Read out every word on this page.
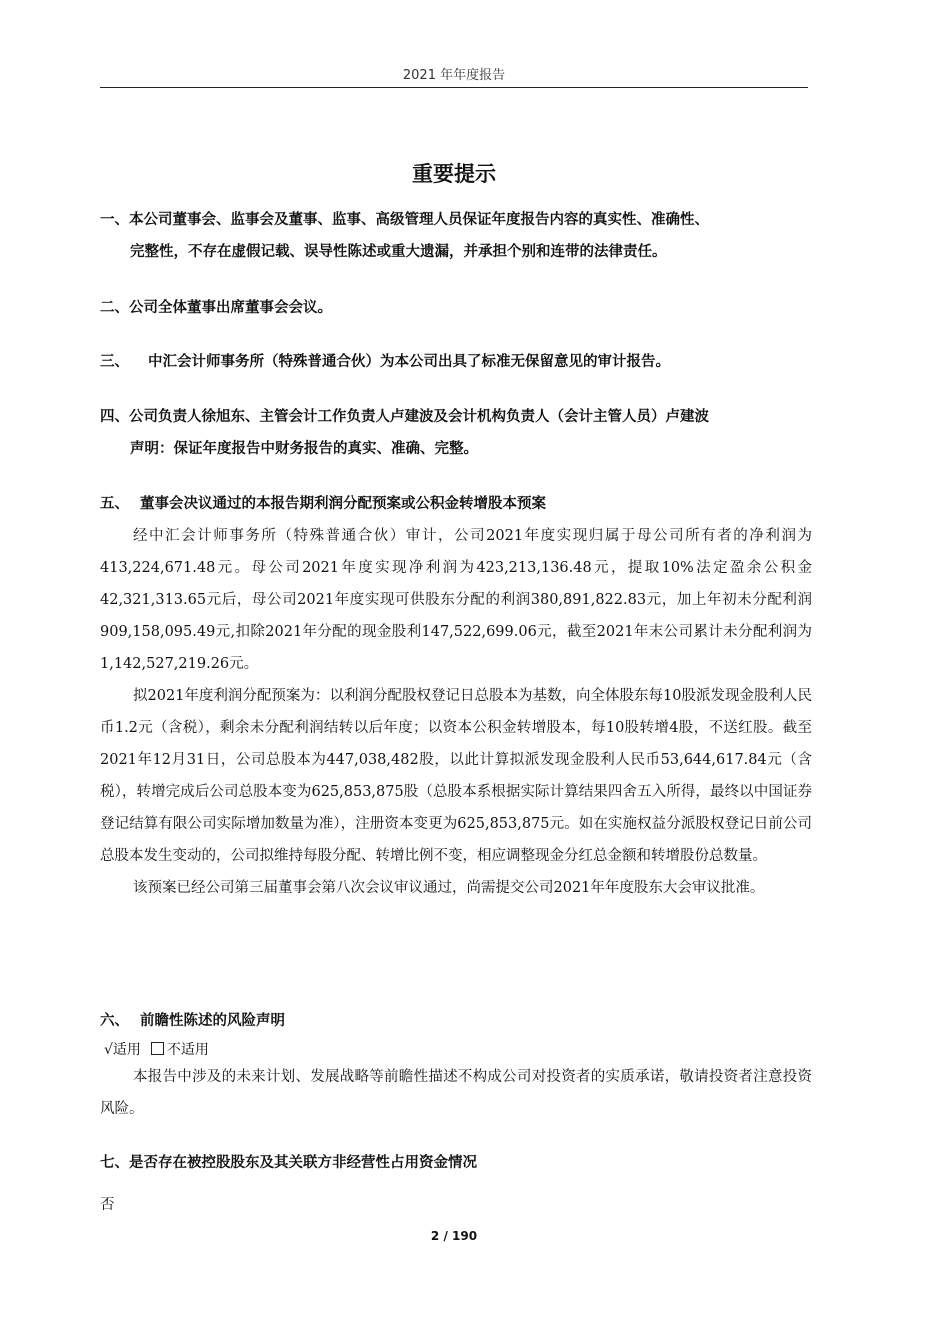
2021 年年度报告
重要提示

一、本公司董事会、监事会及董事、监事、高级管理人员保证年度报告内容的真实性、准确性、

完整性，不存在虚假记载、误导性陈述或重大遗漏，并承担个别和连带的法律责任。

二、公司全体董事出席董事会会议。

三、 中汇会计师事务所（特殊普通合伙）为本公司出具了标准无保留意见的审计报告。

四、公司负责人徐旭东、主管会计工作负责人卢建波及会计机构负责人（会计主管人员）卢建波

声明：保证年度报告中财务报告的真实、准确、完整。

五、 董事会决议通过的本报告期利润分配预案或公积金转增股本预案

经中汇会计师事务所（特殊普通合伙）审计，公司2021年度实现归属于母公司所有者的净利润为413,224,671.48元。母公司2021年度实现净利润为423,213,136.48元，提取10%法定盈余公积金42,321,313.65元后，母公司2021年度实现可供股东分配的利润380,891,822.83元，加上年初未分配利润909,158,095.49元,扣除2021年分配的现金股利147,522,699.06元，截至2021年末公司累计未分配利润为1,142,527,219.26元。

拟2021年度利润分配预案为：以利润分配股权登记日总股本为基数，向全体股东每10股派发现金股利人民币1.2元（含税），剩余未分配利润结转以后年度；以资本公积金转增股本，每10股转增4股，不送红股。截至2021年12月31日，公司总股本为447,038,482股，以此计算拟派发现金股利人民币53,644,617.84元（含税），转增完成后公司总股本变为625,853,875股（总股本系根据实际计算结果四舍五入所得，最终以中国证券登记结算有限公司实际增加数量为准），注册资本变更为625,853,875元。如在实施权益分派股权登记日前公司总股本发生变动的，公司拟维持每股分配、转增比例不变，相应调整现金分红总金额和转增股份总数量。

该预案已经公司第三届董事会第八次会议审议通过，尚需提交公司2021年年度股东大会审议批准。

六、 前瞻性陈述的风险声明

√适用 不适用

本报告中涉及的未来计划、发展战略等前瞻性描述不构成公司对投资者的实质承诺，敬请投资者注意投资风险。

七、是否存在被控股股东及其关联方非经营性占用资金情况

否

2 / 190
